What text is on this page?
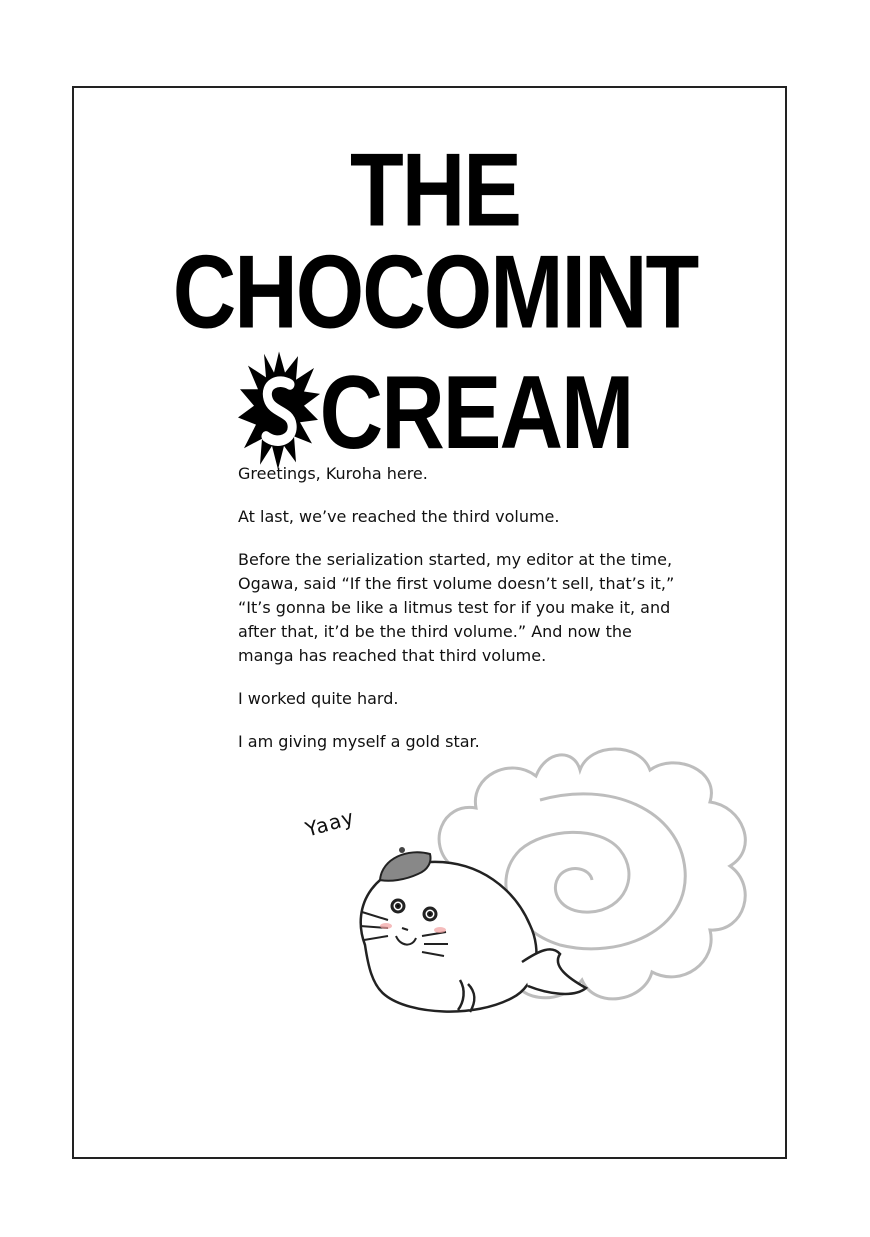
THE
CHOCOMINT
CREAM

Greetings, Kuroha here.

At last, we’ve reached the third volume.

Before the serialization started, my editor at the time, Ogawa, said “If the first volume doesn’t sell, that’s it,” “It’s gonna be like a litmus test for if you make it, and after that, it’d be the third volume.” And now the manga has reached that third volume.

I worked quite hard.

I am giving myself a gold star.

Yaay
